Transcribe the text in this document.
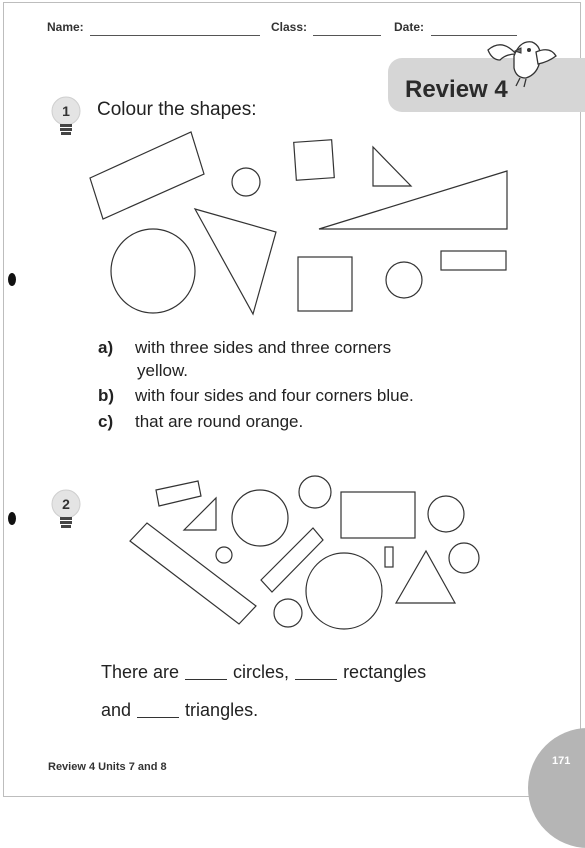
Name:	Class:	Date:
Review 4
1 Colour the shapes:
a) with three sides and three corners
yellow.
b) with four sides and four corners blue.
c) that are round orange.
2
There are	circles,	rectangles
and	triangles.
Review 4 Units 7 and 8	171
